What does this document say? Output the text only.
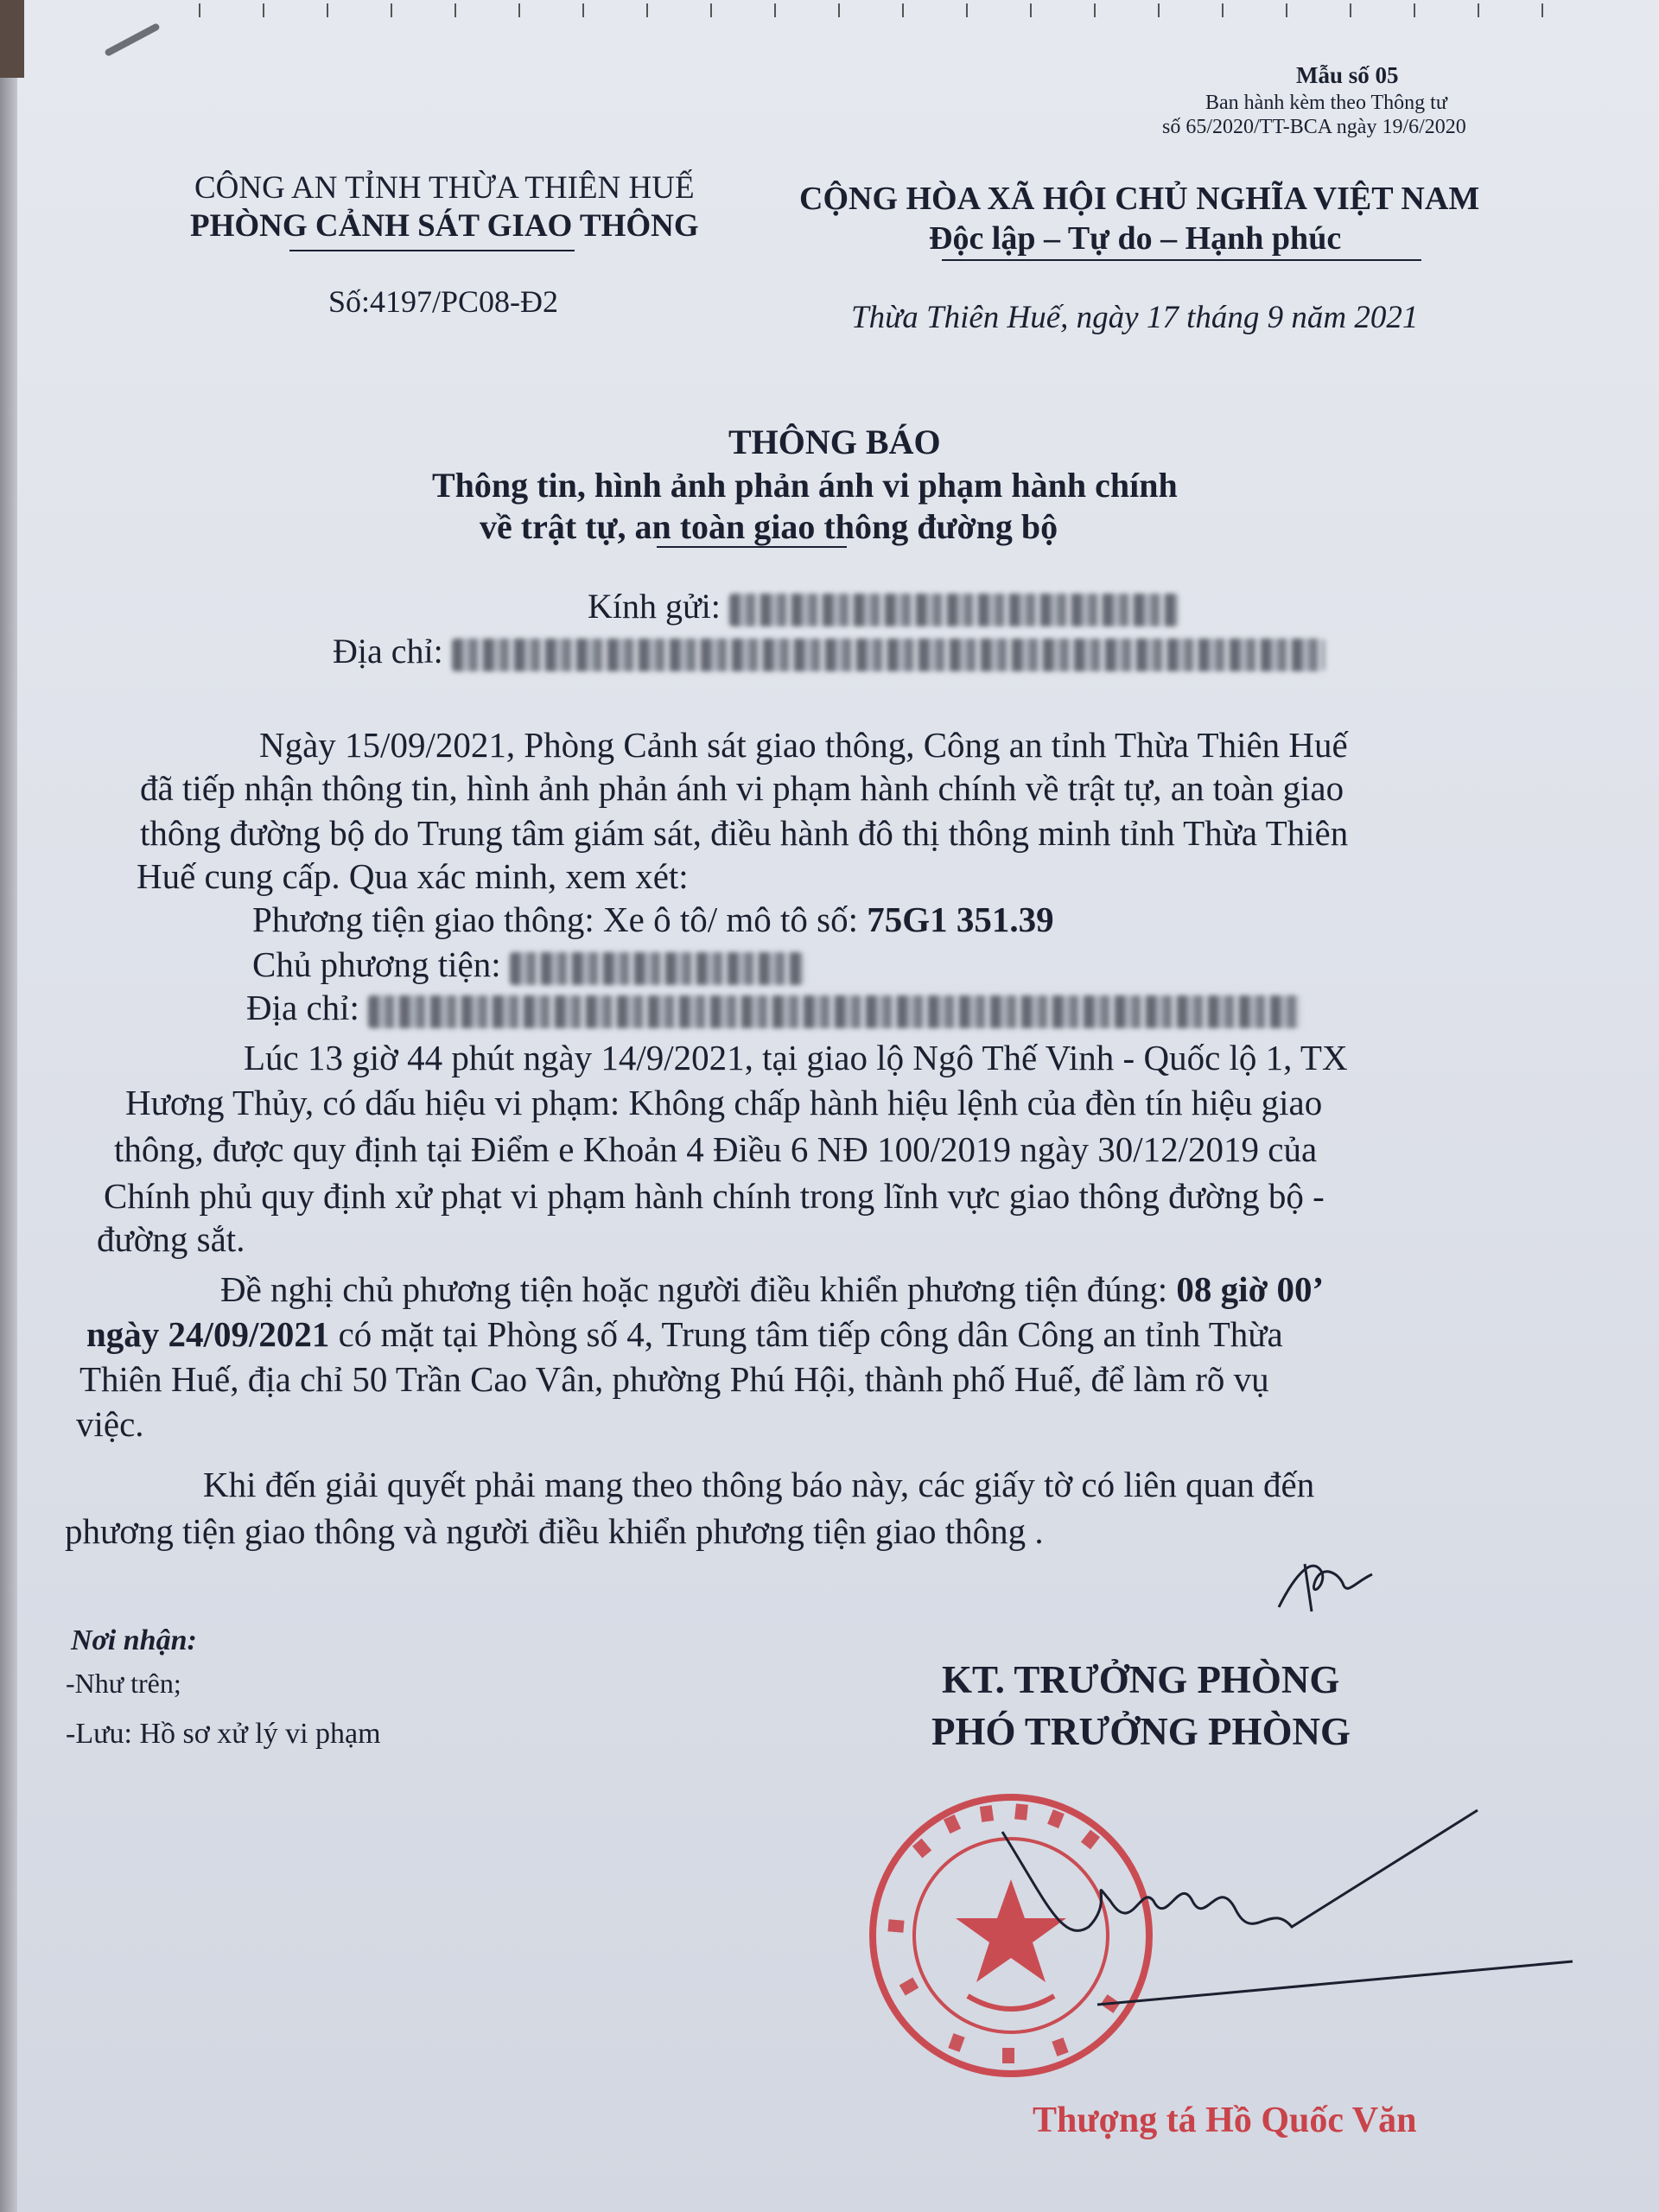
Mẫu số 05
Ban hành kèm theo Thông tư
số 65/2020/TT-BCA ngày 19/6/2020
CÔNG AN TỈNH THỪA THIÊN HUẾ
PHÒNG CẢNH SÁT GIAO THÔNG
Số:4197/PC08-Đ2
CỘNG HÒA XÃ HỘI CHỦ NGHĨA VIỆT NAM
Độc lập – Tự do – Hạnh phúc
Thừa Thiên Huế, ngày 17 tháng 9 năm 2021
THÔNG BÁO
Thông tin, hình ảnh phản ánh vi phạm hành chính
về trật tự, an toàn giao thông đường bộ
Kính gửi:
Địa chỉ:
Ngày 15/09/2021, Phòng Cảnh sát giao thông, Công an tỉnh Thừa Thiên Huế
đã tiếp nhận thông tin, hình ảnh phản ánh vi phạm hành chính về trật tự, an toàn giao
thông đường bộ do Trung tâm giám sát, điều hành đô thị thông minh tỉnh Thừa Thiên
Huế cung cấp. Qua xác minh, xem xét:
Phương tiện giao thông: Xe ô tô/ mô tô số: 75G1 351.39
Chủ phương tiện:
Địa chỉ:
Lúc 13 giờ 44 phút ngày 14/9/2021, tại giao lộ Ngô Thế Vinh - Quốc lộ 1, TX
Hương Thủy, có dấu hiệu vi phạm: Không chấp hành hiệu lệnh của đèn tín hiệu giao
thông, được quy định tại Điểm e Khoản 4 Điều 6 NĐ 100/2019 ngày 30/12/2019 của
Chính phủ quy định xử phạt vi phạm hành chính trong lĩnh vực giao thông đường bộ -
đường sắt.
Đề nghị chủ phương tiện hoặc người điều khiển phương tiện đúng: 08 giờ 00’
ngày 24/09/2021 có mặt tại Phòng số 4, Trung tâm tiếp công dân Công an tỉnh Thừa
Thiên Huế, địa chỉ 50 Trần Cao Vân, phường Phú Hội, thành phố Huế, để làm rõ vụ
việc.
Khi đến giải quyết phải mang theo thông báo này, các giấy tờ có liên quan đến
phương tiện giao thông và người điều khiển phương tiện giao thông .
Nơi nhận:
-Như trên;
-Lưu: Hồ sơ xử lý vi phạm
KT. TRƯỞNG PHÒNG
PHÓ TRƯỞNG PHÒNG
Thượng tá Hồ Quốc Văn
